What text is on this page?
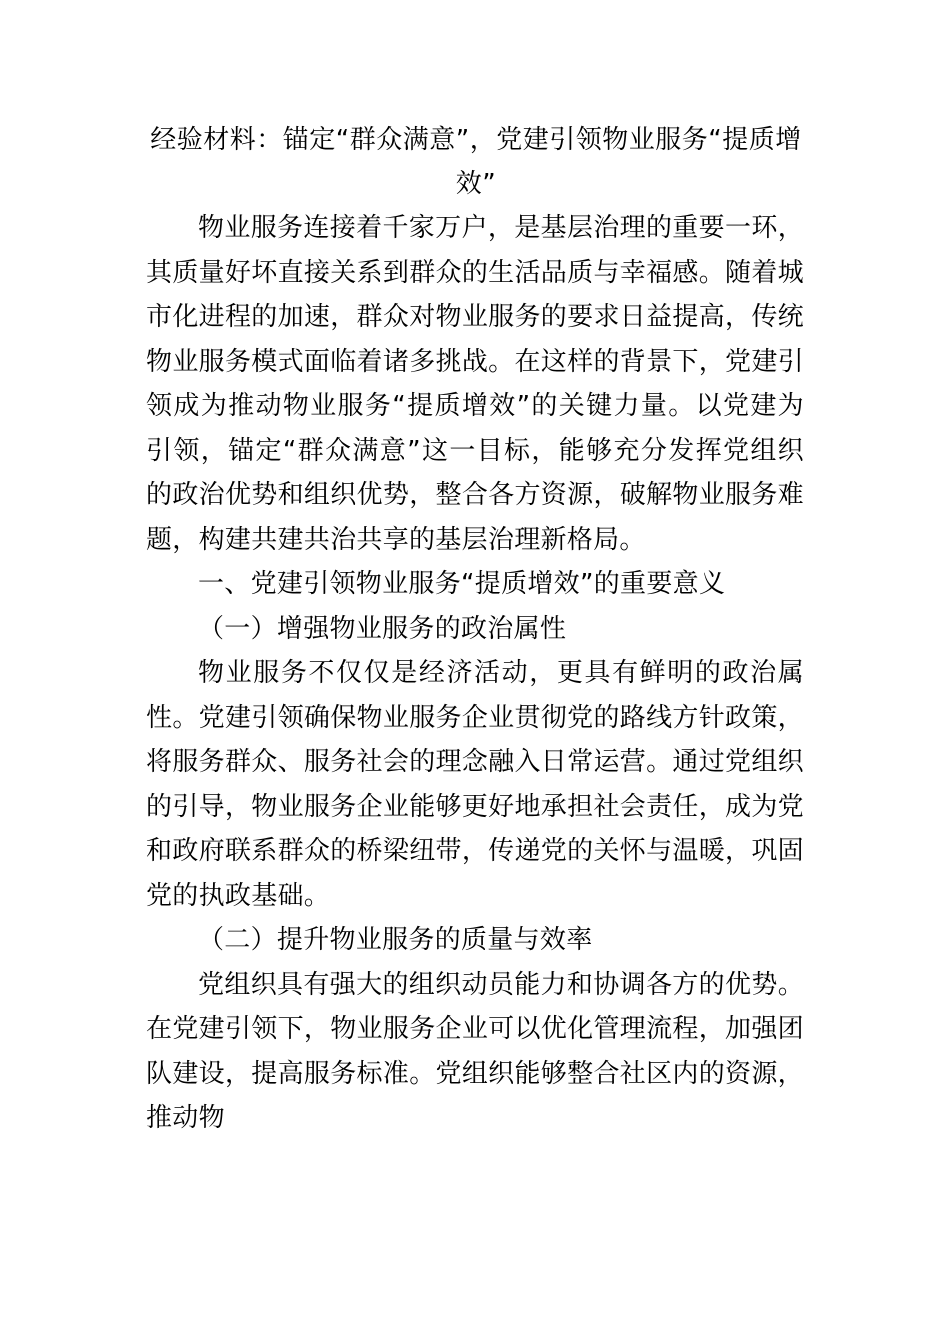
经验材料：锚定“群众满意”，党建引领物业服务“提质增效”

物业服务连接着千家万户，是基层治理的重要一环，其质量好坏直接关系到群众的生活品质与幸福感。随着城市化进程的加速，群众对物业服务的要求日益提高，传统物业服务模式面临着诸多挑战。在这样的背景下，党建引领成为推动物业服务“提质增效”的关键力量。以党建为引领，锚定“群众满意”这一目标，能够充分发挥党组织的政治优势和组织优势，整合各方资源，破解物业服务难题，构建共建共治共享的基层治理新格局。

一、党建引领物业服务“提质增效”的重要意义

（一）增强物业服务的政治属性

物业服务不仅仅是经济活动，更具有鲜明的政治属性。党建引领确保物业服务企业贯彻党的路线方针政策，将服务群众、服务社会的理念融入日常运营。通过党组织的引导，物业服务企业能够更好地承担社会责任，成为党和政府联系群众的桥梁纽带，传递党的关怀与温暖，巩固党的执政基础。

（二）提升物业服务的质量与效率

党组织具有强大的组织动员能力和协调各方的优势。在党建引领下，物业服务企业可以优化管理流程，加强团队建设，提高服务标准。党组织能够整合社区内的资源，推动物
